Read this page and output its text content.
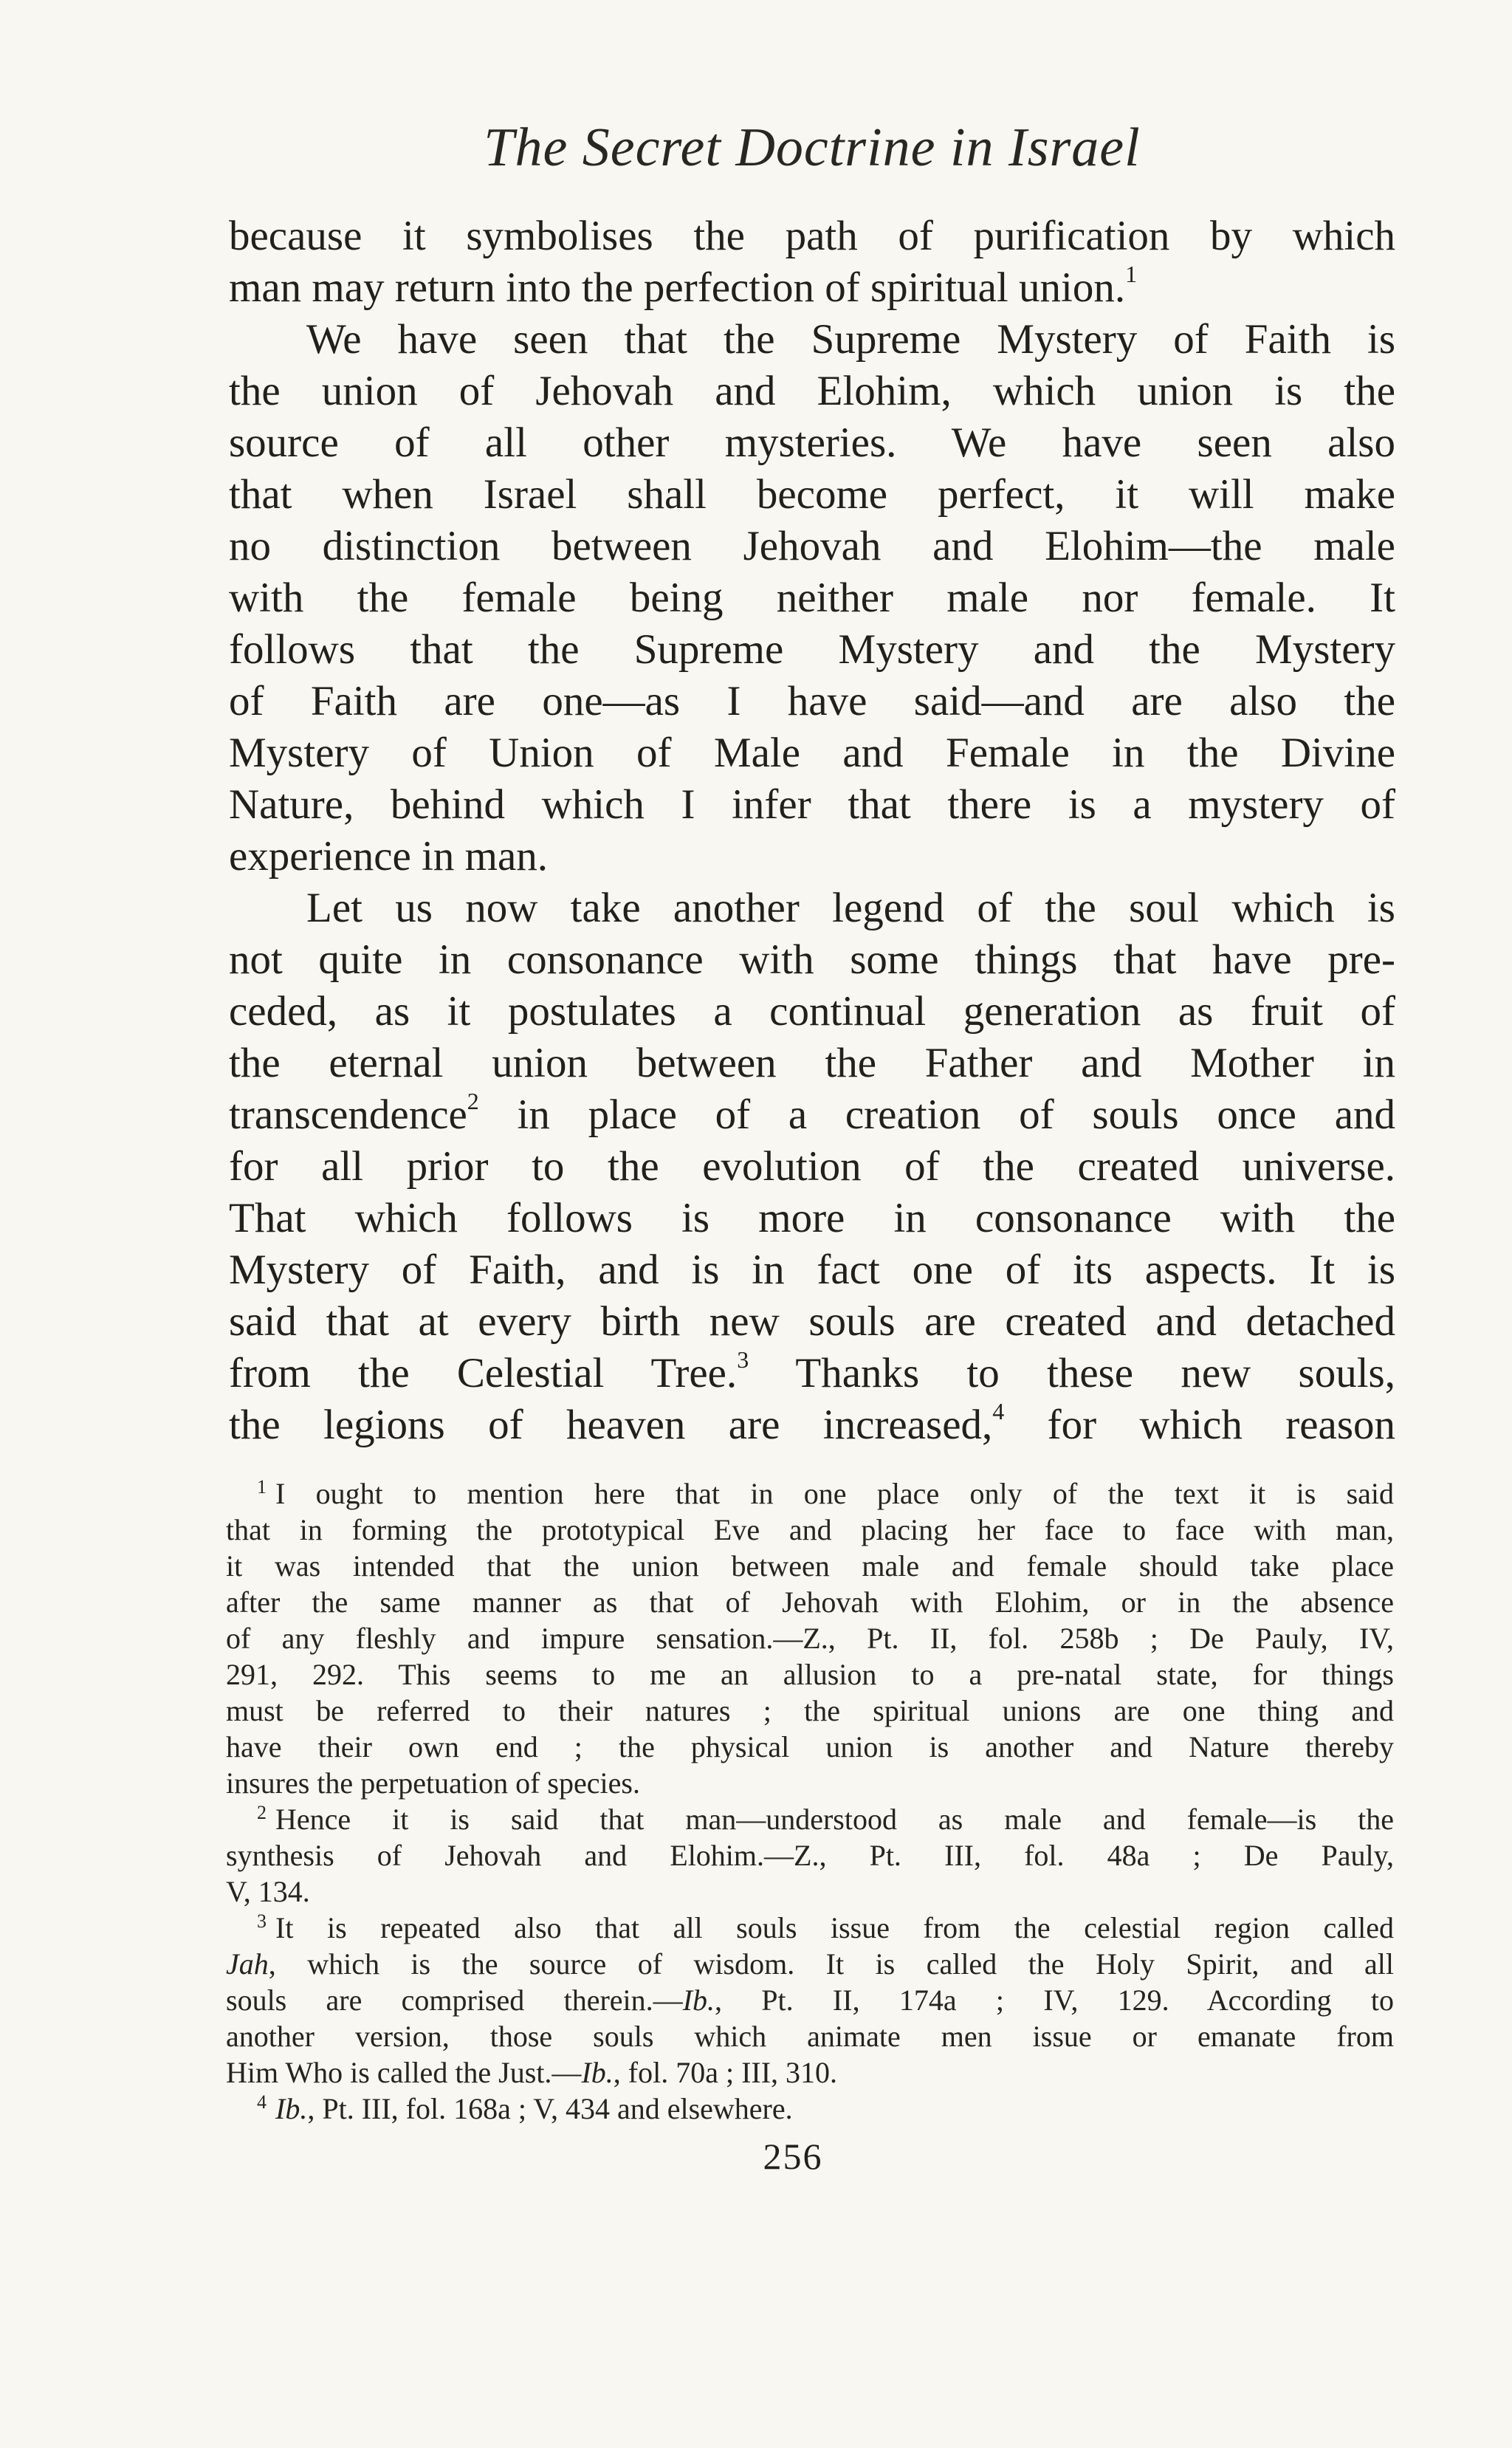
The Secret Doctrine in Israel
because it symbolises the path of purification by which
man may return into the perfection of spiritual union.$^1$
We have seen that the Supreme Mystery of Faith is
the union of Jehovah and Elohim, which union is the
source of all other mysteries. We have seen also
that when Israel shall become perfect, it will make
no distinction between Jehovah and Elohim—the male
with the female being neither male nor female. It
follows that the Supreme Mystery and the Mystery
of Faith are one—as I have said—and are also the
Mystery of Union of Male and Female in the Divine
Nature, behind which I infer that there is a mystery of
experience in man.
Let us now take another legend of the soul which is
not quite in consonance with some things that have pre-
ceded, as it postulates a continual generation as fruit of
the eternal union between the Father and Mother in
transcendence$^2$ in place of a creation of souls once and
for all prior to the evolution of the created universe.
That which follows is more in consonance with the
Mystery of Faith, and is in fact one of its aspects. It is
said that at every birth new souls are created and detached
from the Celestial Tree.$^3$ Thanks to these new souls,
the legions of heaven are increased,$^4$ for which reason
$^1$ I ought to mention here that in one place only of the text it is said
that in forming the prototypical Eve and placing her face to face with man,
it was intended that the union between male and female should take place
after the same manner as that of Jehovah with Elohim, or in the absence
of any fleshly and impure sensation.—Z., Pt. II, fol. 258b ; De Pauly, IV,
291, 292. This seems to me an allusion to a pre-natal state, for things
must be referred to their natures ; the spiritual unions are one thing and
have their own end ; the physical union is another and Nature thereby
insures the perpetuation of species.
$^2$ Hence it is said that man—understood as male and female—is the
synthesis of Jehovah and Elohim.—Z., Pt. III, fol. 48a ; De Pauly,
V, 134.
$^3$ It is repeated also that all souls issue from the celestial region called
Jah, which is the source of wisdom. It is called the Holy Spirit, and all
souls are comprised therein.—Ib., Pt. II, 174a ; IV, 129. According to
another version, those souls which animate men issue or emanate from
Him Who is called the Just.—Ib., fol. 70a ; III, 310.
$^4$ Ib., Pt. III, fol. 168a ; V, 434 and elsewhere.
256
